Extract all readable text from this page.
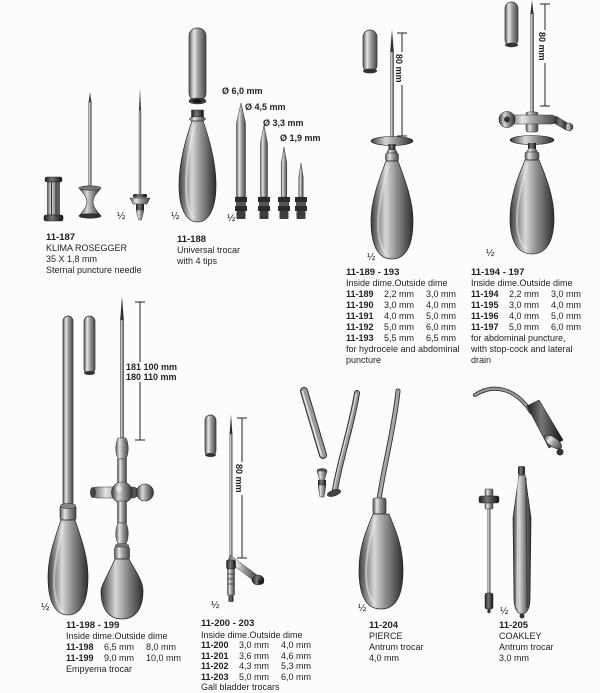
½
11-187
KLIMA ROSEGGER
35 X 1,8 mm
Sternal puncture needle
Ø 6,0 mm
Ø 4,5 mm
Ø 3,3 mm
Ø 1,9 mm
½	½
11-188
Universal trocar
with 4 tips
80 mm
½
11-189 - 193
Inside dime.Outside dime
11-189	2,2 mm	3,0 mm
11-190	3,0 mm	4,0 mm
11-191	4,0 mm	5,0 mm
11-192	5,0 mm	6,0 mm
11-193	5,5 mm	6,5 mm
for hydrocele and abdominal
puncture
80 mm
½
11-194 - 197
Inside dime.Outside dime
11-194	2,2 mm	3,0 mm
11-195	3,0 mm	4,0 mm
11-196	4,0 mm	5,0 mm
11-197	5,0 mm	6,0 mm
for abdominal puncture,
with stop-cock and lateral
drain
181 100 mm
180 110 mm
½
11-198 - 199
Inside dime.Outside dime
11-198	6,5 mm	8,0 mm
11-199	9,0 mm	10,0 mm
Empyema trocar
80 mm
½
11-200 - 203
Inside dime.Outside dime
11-200	3,0 mm	4,0 mm
11-201	3,6 mm	4,6 mm
11-202	4,3 mm	5,3 mm
11-203	5,0 mm	6,0 mm
Gall bladder trocars
½
11-204
PIERCE
Antrum trocar
4,0 mm
½
11-205
COAKLEY
Antrum trocar
3,0 mm
